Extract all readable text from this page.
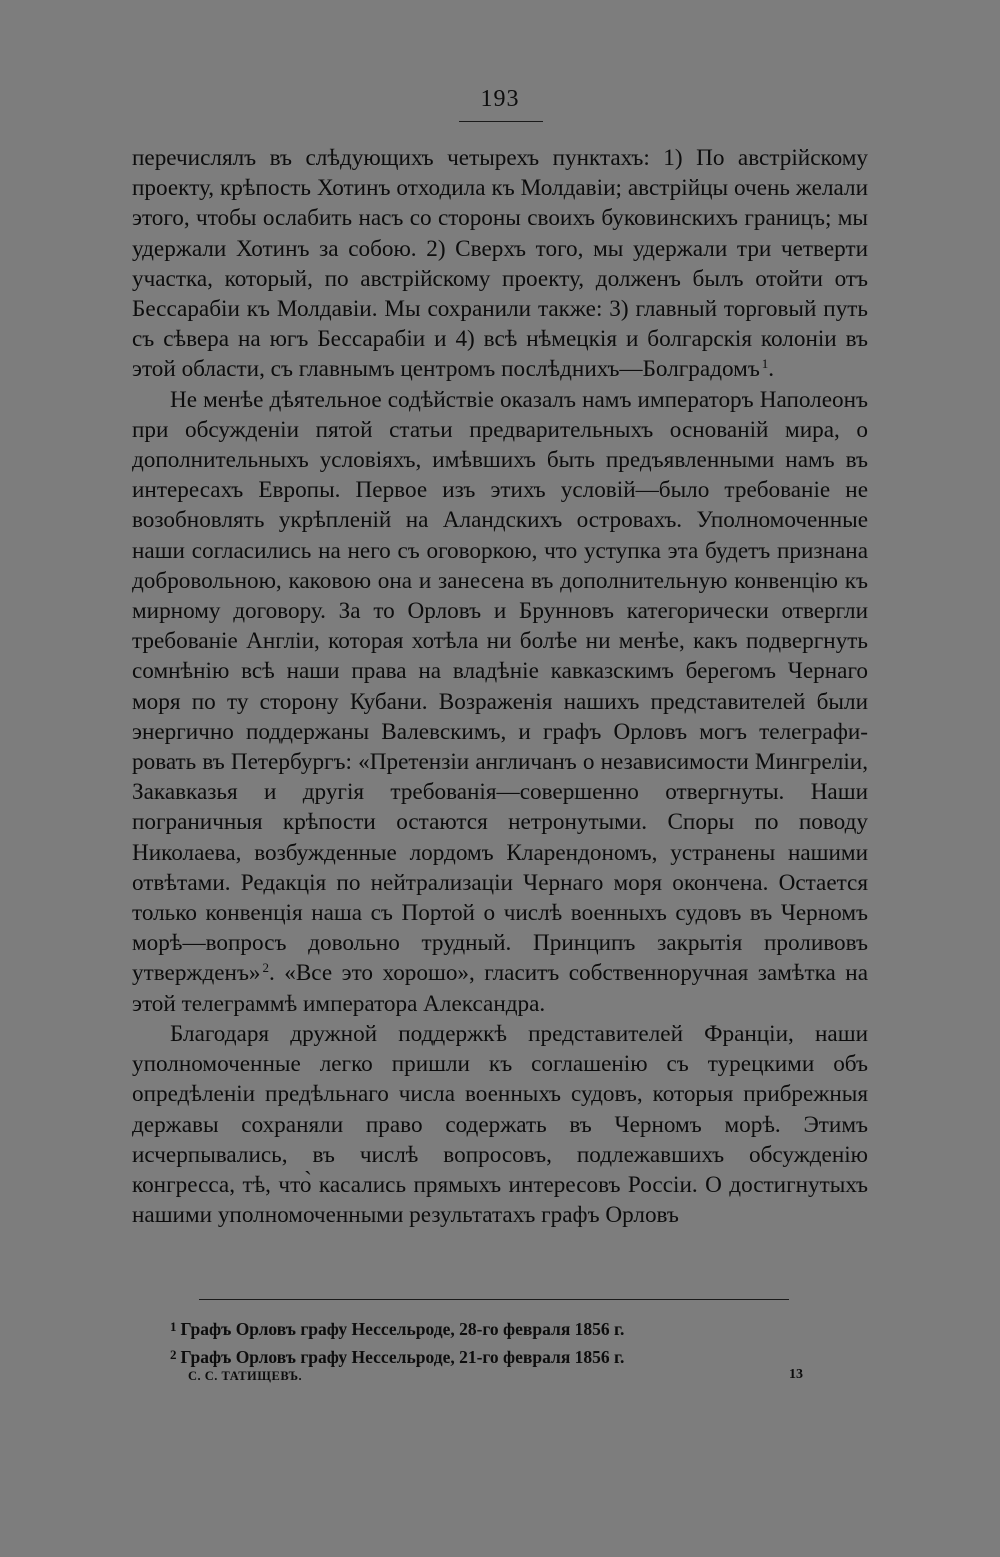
193

перечислялъ въ слѣдующихъ четырехъ пунктахъ: 1) По австрійскому проекту, крѣпость Хотинъ отходила къ Молдавіи; австрійцы очень желали этого, чтобы ослабить насъ со стороны своихъ буковинскихъ границъ; мы удержали Хотинъ за собою. 2) Сверхъ того, мы удержали три четверти участка, который, по австрійскому проекту, долженъ былъ отойти отъ Бессарабіи къ Молдавіи. Мы сохранили также: 3) главный торговый путь съ сѣвера на югъ Бессарабіи и 4) всѣ нѣмецкія и болгарскія колоніи въ этой области, съ главнымъ центромъ послѣднихъ—Болградомъ  $^1$.

Не менѣе дѣятельное содѣйствіе оказалъ намъ императоръ Наполеонъ при обсужденіи пятой статьи предварительныхъ основаній мира, о дополнительныхъ условіяхъ, имѣвшихъ быть предъявленными намъ въ интересахъ Европы. Первое изъ этихъ условій—было требованіе не возобновлять укрѣпленій на Аландскихъ островахъ. Уполномоченные наши согласились на него съ оговоркою, что уступка эта будетъ признана добровольною, каковою она и занесена въ дополнительную конвенцію къ мирному договору. За то Орловъ и Брунновъ категорически отвергли требованіе Англіи, которая хотѣла ни болѣе ни менѣе, какъ подвергнуть сомнѣнію всѣ наши права на владѣніе кавказскимъ берегомъ Чернаго моря по ту сторону Кубани. Возраженія нашихъ представителей были энергично поддержаны Валевскимъ, и графъ Орловъ могъ телеграфировать въ Петербургъ: «Претензіи англичанъ о независимости Мингреліи, Закавказья и другія требованія—совершенно отвергнуты. Наши пограничныя крѣпости остаются нетронутыми. Споры по поводу Николаева, возбужденные лордомъ Кларендономъ, устранены нашими отвѣтами. Редакція по нейтрализаціи Чернаго моря окончена. Остается только конвенція наша съ Портой о числѣ военныхъ судовъ въ Черномъ морѣ—вопросъ довольно трудный. Принципъ закрытія проливовъ утвержденъ»  $^2$. «Все это хорошо», гласитъ собственноручная замѣтка на этой телеграммѣ императора Александра.

Благодаря дружной поддержкѣ представителей Франціи, наши уполномоченные легко пришли къ соглашенію съ турецкими объ опредѣленіи предѣльнаго числа военныхъ судовъ, которыя прибрежныя державы сохраняли право содержать въ Черномъ морѣ. Этимъ исчерпывались, въ числѣ вопросовъ, подлежавшихъ обсужденію конгресса, тѣ, что̀ касались прямыхъ интересовъ Россіи. О достигнутыхъ нашими уполномоченными результатахъ графъ Орловъ

$^1$ Графъ Орловъ графу Нессельроде, 28-го февраля 1856 г.
$^2$ Графъ Орловъ графу Нессельроде, 21-го февраля 1856 г.
С. С. ТАТИЩЕВЪ.	13
